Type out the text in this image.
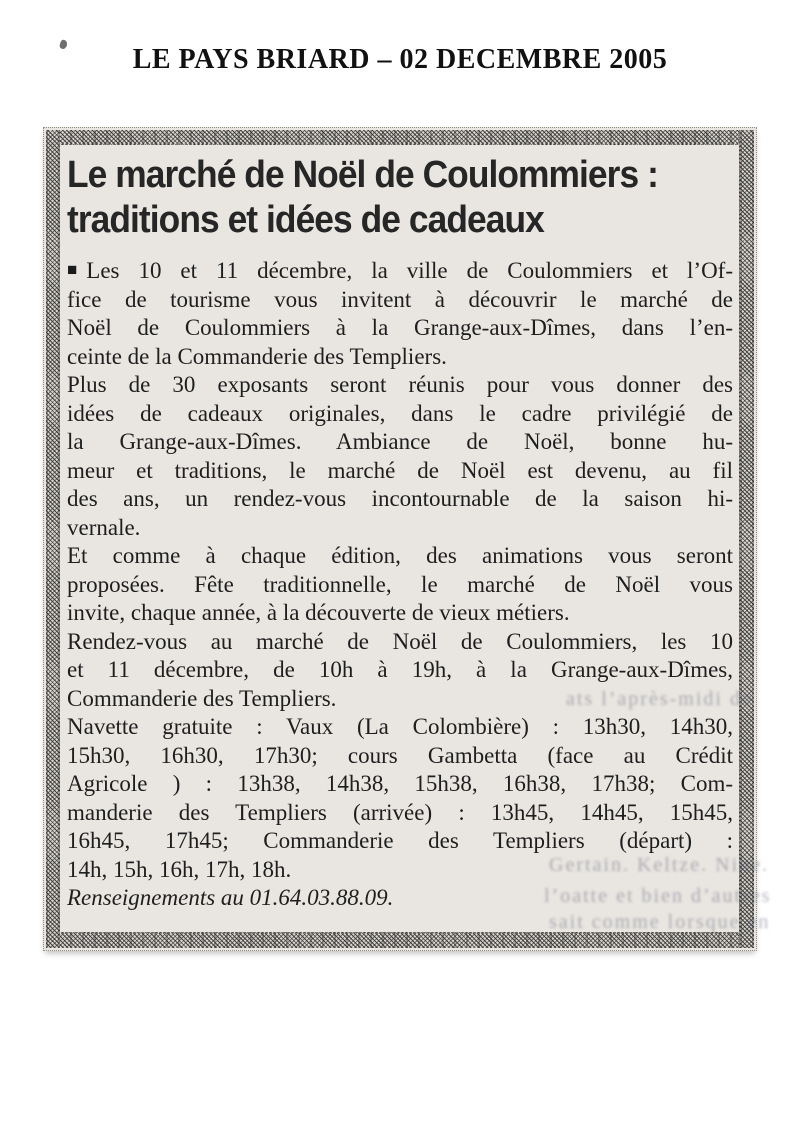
LE PAYS BRIARD – 02 DECEMBRE 2005
Le marché de Noël de Coulommiers :
traditions et idées de cadeaux
■ Les 10 et 11 décembre, la ville de Coulommiers et l’Of-
fice de tourisme vous invitent à découvrir le marché de
Noël de Coulommiers à la Grange-aux-Dîmes, dans l’en-
ceinte de la Commanderie des Templiers.
Plus de 30 exposants seront réunis pour vous donner des
idées de cadeaux originales, dans le cadre privilégié de
la Grange-aux-Dîmes. Ambiance de Noël, bonne hu-
meur et traditions, le marché de Noël est devenu, au fil
des ans, un rendez-vous incontournable de la saison hi-
vernale.
Et comme à chaque édition, des animations vous seront
proposées. Fête traditionnelle, le marché de Noël vous
invite, chaque année, à la découverte de vieux métiers.
Rendez-vous au marché de Noël de Coulommiers, les 10
et 11 décembre, de 10h à 19h, à la Grange-aux-Dîmes,
Commanderie des Templiers.
Navette gratuite : Vaux (La Colombière) : 13h30, 14h30,
15h30, 16h30, 17h30; cours Gambetta (face au Crédit
Agricole ) : 13h38, 14h38, 15h38, 16h38, 17h38; Com-
manderie des Templiers (arrivée) : 13h45, 14h45, 15h45,
16h45, 17h45; Commanderie des Templiers (départ) :
14h, 15h, 16h, 17h, 18h.
Renseignements au 01.64.03.88.09.
ats l’après-midi de
Gertain. Keltze. Nine.
l’oatte et bien d’autres
sait comme lorsque en
